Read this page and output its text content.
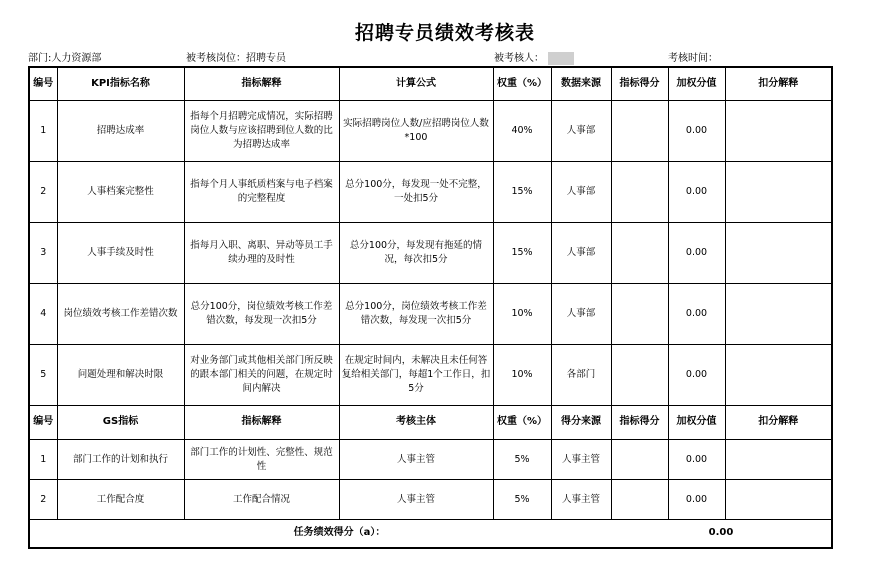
招聘专员绩效考核表
部门:人力资源部	被考核岗位：招聘专员	被考核人：	考核时间：
编号	KPI指标名称	指标解释	计算公式	权重（%）	数据来源	指标得分	加权分值	扣分解释
1	招聘达成率	指每个月招聘完成情况，实际招聘岗位人数与应该招聘到位人数的比为招聘达成率	实际招聘岗位人数/应招聘岗位人数*100	40%	人事部		0.00	
2	人事档案完整性	指每个月人事纸质档案与电子档案的完整程度	总分100分，每发现一处不完整，一处扣5分	15%	人事部		0.00	
3	人事手续及时性	指每月入职、离职、异动等员工手续办理的及时性	总分100分，每发现有拖延的情况，每次扣5分	15%	人事部		0.00	
4	岗位绩效考核工作差错次数	总分100分，岗位绩效考核工作差错次数，每发现一次扣5分	总分100分，岗位绩效考核工作差错次数，每发现一次扣5分	10%	人事部		0.00	
5	问题处理和解决时限	对业务部门或其他相关部门所反映的跟本部门相关的问题，在规定时间内解决	在规定时间内，未解决且未任何答复给相关部门，每超1个工作日，扣5分	10%	各部门		0.00	
编号	GS指标	指标解释	考核主体	权重（%）	得分来源	指标得分	加权分值	扣分解释
1	部门工作的计划和执行	部门工作的计划性、完整性、规范性	人事主管	5%	人事主管		0.00	
2	工作配合度	工作配合情况	人事主管	5%	人事主管		0.00	
任务绩效得分（a）：						0.00		
